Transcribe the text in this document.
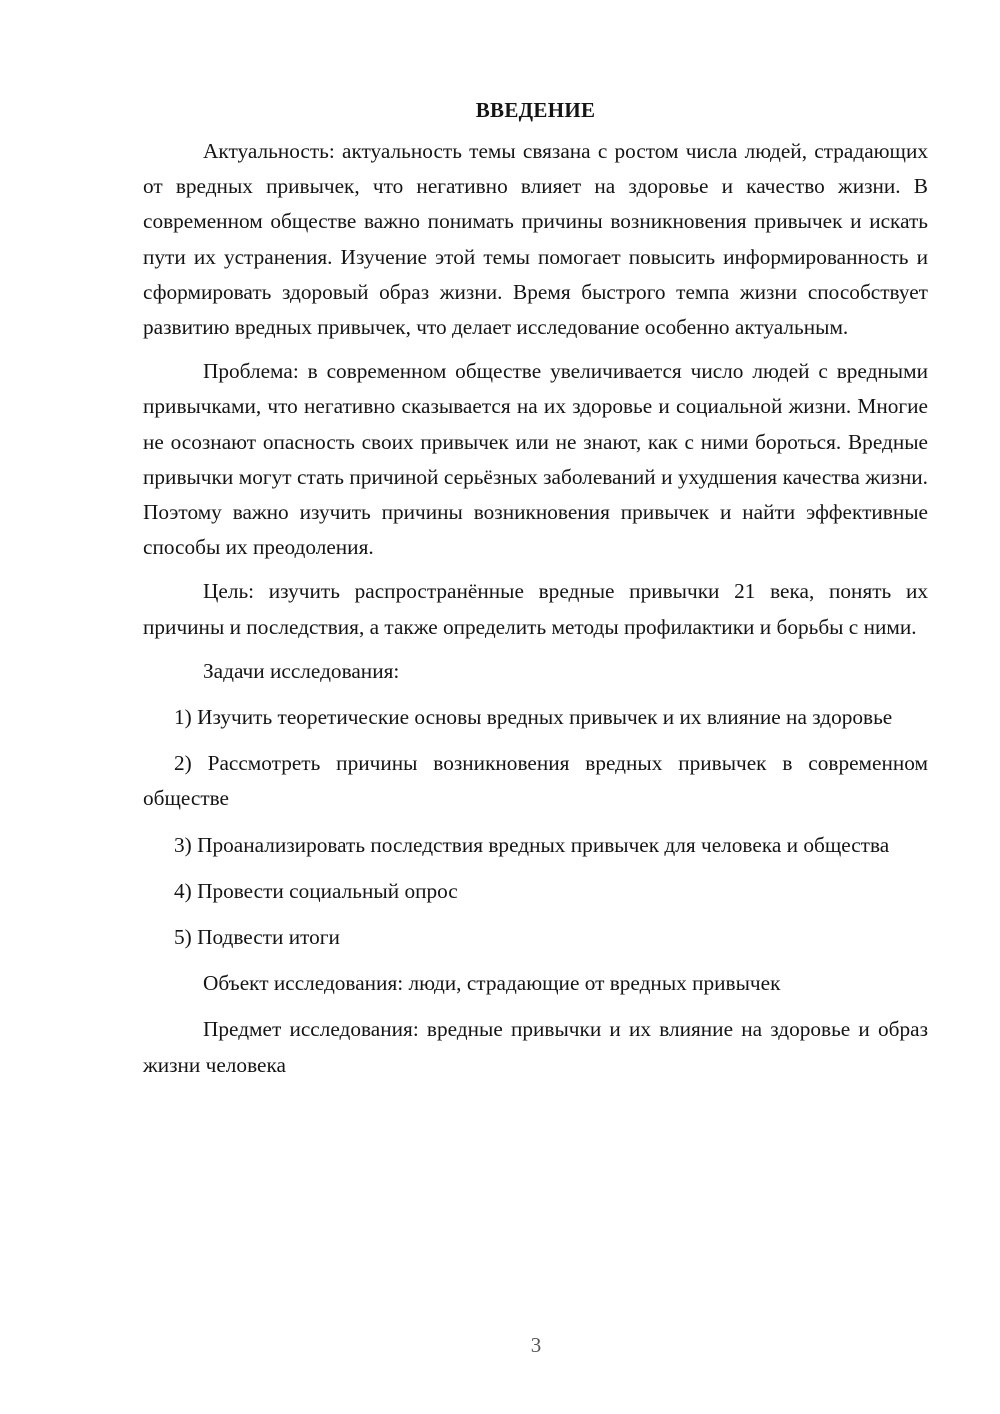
ВВЕДЕНИЕ

Актуальность: актуальность темы связана с ростом числа людей, страдающих от вредных привычек, что негативно влияет на здоровье и качество жизни. В современном обществе важно понимать причины возникновения привычек и искать пути их устранения. Изучение этой темы помогает повысить информированность и сформировать здоровый образ жизни. Время быстрого темпа жизни способствует развитию вредных привычек, что делает исследование особенно актуальным.

Проблема: в современном обществе увеличивается число людей с вредными привычками, что негативно сказывается на их здоровье и социальной жизни. Многие не осознают опасность своих привычек или не знают, как с ними бороться. Вредные привычки могут стать причиной серьёзных заболеваний и ухудшения качества жизни. Поэтому важно изучить причины возникновения привычек и найти эффективные способы их преодоления.

Цель: изучить распространённые вредные привычки 21 века, понять их причины и последствия, а также определить методы профилактики и борьбы с ними.

Задачи исследования:

1) Изучить теоретические основы вредных привычек и их влияние на здоровье

2) Рассмотреть причины возникновения вредных привычек в современном обществе

3) Проанализировать последствия вредных привычек для человека и общества

4) Провести социальный опрос

5) Подвести итоги

Объект исследования: люди, страдающие от вредных привычек

Предмет исследования: вредные привычки и их влияние на здоровье и образ жизни человека

3
